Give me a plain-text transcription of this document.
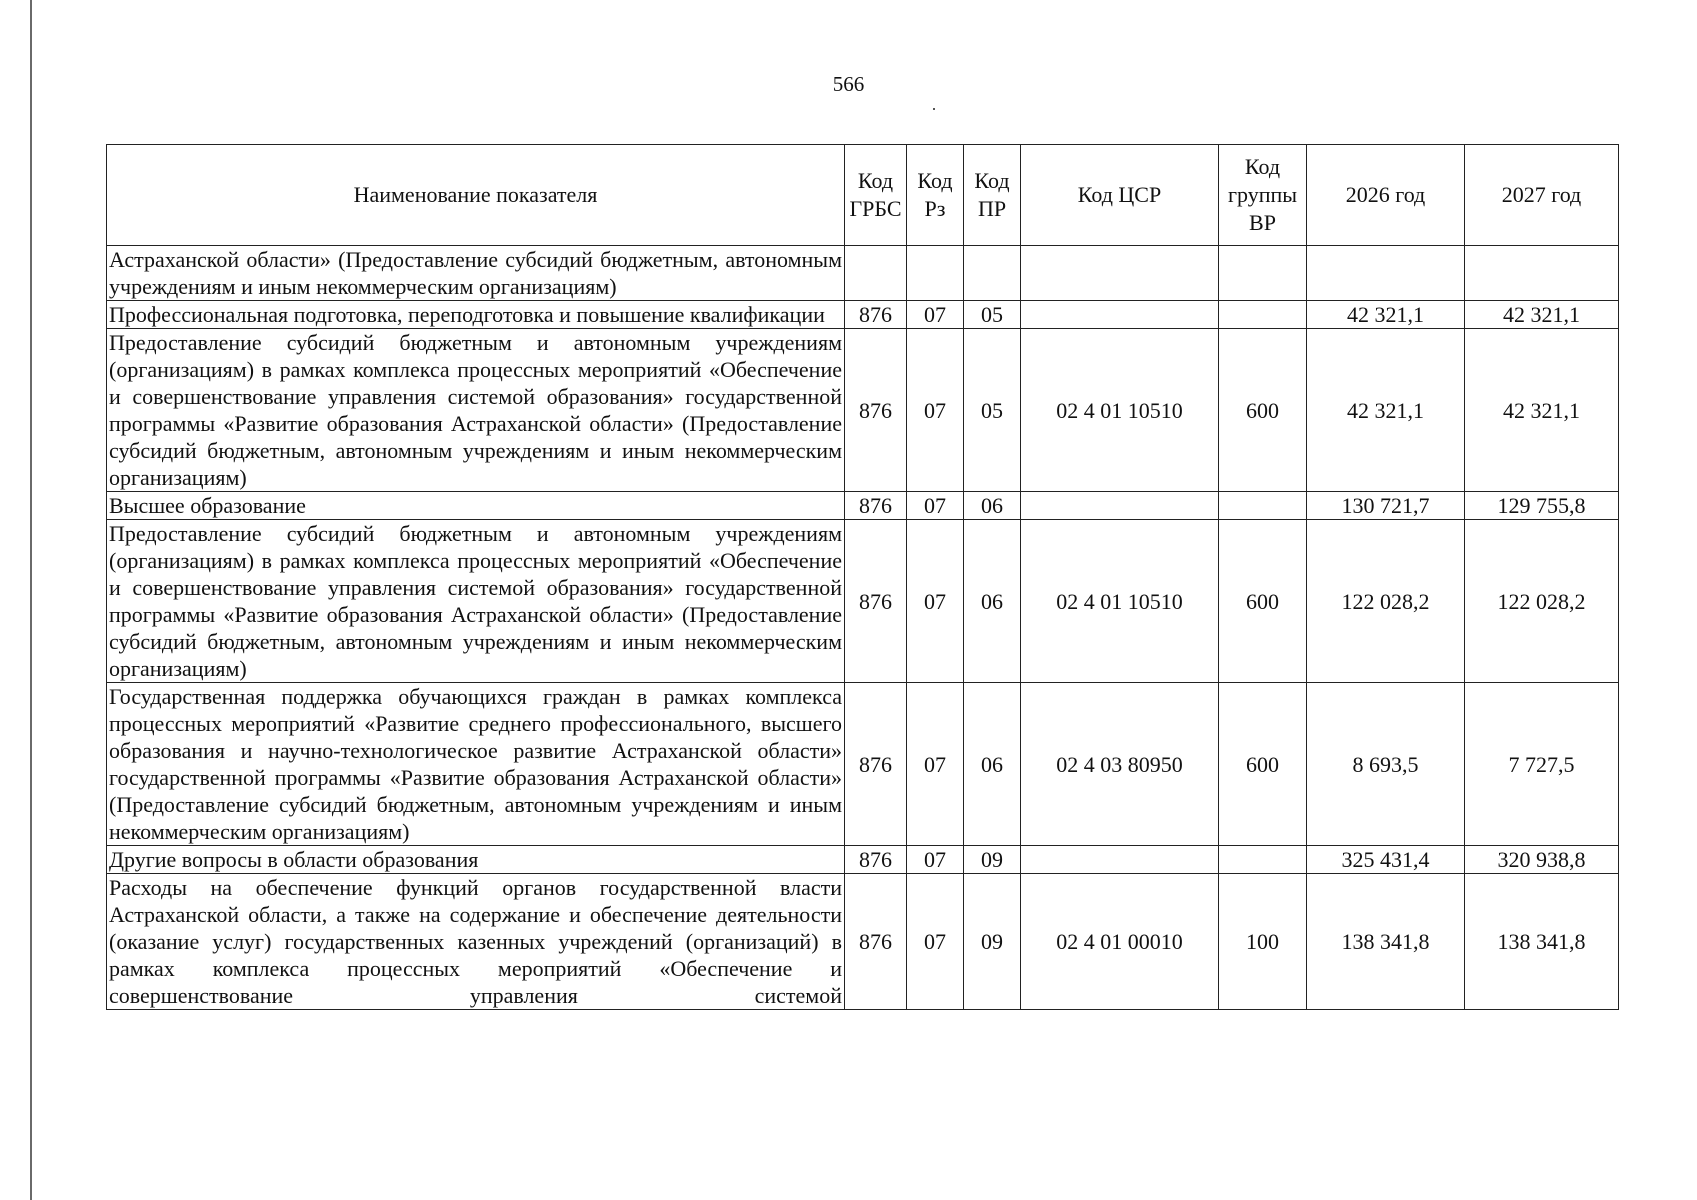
566
Наименование показателя	Код ГРБС	Код Рз	Код ПР	Код ЦСР	Код группы ВР	2026 год	2027 год
Астраханской области» (Предоставление субсидий бюджетным, автономным учреждениям и иным некоммерческим организациям)							
Профессиональная подготовка, переподготовка и повышение квалификации	876	07	05			42 321,1	42 321,1
Предоставление субсидий бюджетным и автономным учреждениям (организациям) в рамках комплекса процессных мероприятий «Обеспечение и совершенствование управления системой образования» государственной программы «Развитие образования Астраханской области» (Предоставление субсидий бюджетным, автономным учреждениям и иным некоммерческим организациям)	876	07	05	02 4 01 10510	600	42 321,1	42 321,1
Высшее образование	876	07	06			130 721,7	129 755,8
Предоставление субсидий бюджетным и автономным учреждениям (организациям) в рамках комплекса процессных мероприятий «Обеспечение и совершенствование управления системой образования» государственной программы «Развитие образования Астраханской области» (Предоставление субсидий бюджетным, автономным учреждениям и иным некоммерческим организациям)	876	07	06	02 4 01 10510	600	122 028,2	122 028,2
Государственная поддержка обучающихся граждан в рамках комплекса процессных мероприятий «Развитие среднего профессионального, высшего образования и научно-технологическое развитие Астраханской области» государственной программы «Развитие образования Астраханской области» (Предоставление субсидий бюджетным, автономным учреждениям и иным некоммерческим организациям)	876	07	06	02 4 03 80950	600	8 693,5	7 727,5
Другие вопросы в области образования	876	07	09			325 431,4	320 938,8
Расходы на обеспечение функций органов государственной власти Астраханской области, а также на содержание и обеспечение деятельности (оказание услуг) государственных казенных учреждений (организаций) в рамках комплекса процессных мероприятий «Обеспечение и совершенствование управления системой	876	07	09	02 4 01 00010	100	138 341,8	138 341,8
